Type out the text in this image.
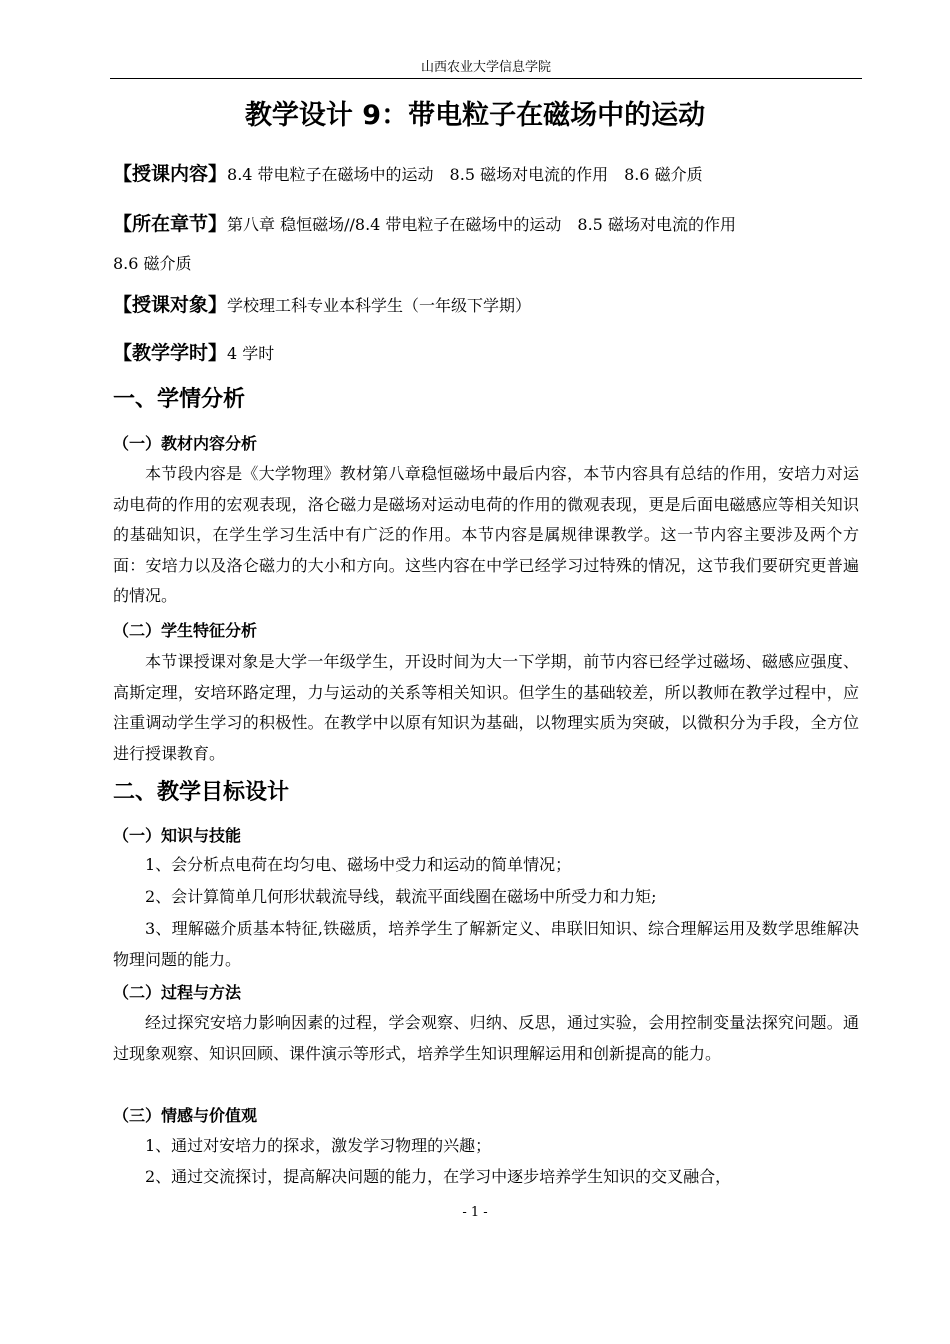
山西农业大学信息学院
教学设计 9：带电粒子在磁场中的运动
【授课内容】8.4 带电粒子在磁场中的运动　8.5 磁场对电流的作用　8.6 磁介质
【所在章节】第八章 稳恒磁场//8.4 带电粒子在磁场中的运动　8.5 磁场对电流的作用
8.6 磁介质
【授课对象】学校理工科专业本科学生（一年级下学期）
【教学学时】4 学时
一、学情分析
（一）教材内容分析

本节段内容是《大学物理》教材第八章稳恒磁场中最后内容，本节内容具有总结的作用，安培力对运动电荷的作用的宏观表现，洛仑磁力是磁场对运动电荷的作用的微观表现，更是后面电磁感应等相关知识的基础知识，在学生学习生活中有广泛的作用。本节内容是属规律课教学。这一节内容主要涉及两个方面：安培力以及洛仑磁力的大小和方向。这些内容在中学已经学习过特殊的情况，这节我们要研究更普遍的情况。

（二）学生特征分析

本节课授课对象是大学一年级学生，开设时间为大一下学期，前节内容已经学过磁场、磁感应强度、高斯定理，安培环路定理，力与运动的关系等相关知识。但学生的基础较差，所以教师在教学过程中，应注重调动学生学习的积极性。在教学中以原有知识为基础，以物理实质为突破，以微积分为手段，全方位进行授课教育。

二、教学目标设计
（一）知识与技能

1、会分析点电荷在均匀电、磁场中受力和运动的简单情况；

2、会计算简单几何形状载流导线，载流平面线圈在磁场中所受力和力矩;

3、理解磁介质基本特征,铁磁质，培养学生了解新定义、串联旧知识、综合理解运用及数学思维解决物理问题的能力。

（二）过程与方法

经过探究安培力影响因素的过程，学会观察、归纳、反思，通过实验，会用控制变量法探究问题。通过现象观察、知识回顾、课件演示等形式，培养学生知识理解运用和创新提高的能力。

（三）情感与价值观

1、通过对安培力的探求，激发学习物理的兴趣；

2、通过交流探讨，提高解决问题的能力，在学习中逐步培养学生知识的交叉融合，

- 1 -
